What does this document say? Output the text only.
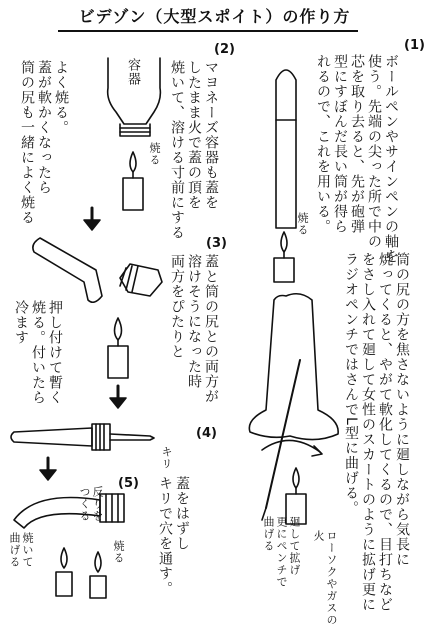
ビデゾン（大型スポイト）の作り方
(1)
ボールペンやサインペンの軸を
使う。先端の尖った所で中の
芯を取り去ると、先が砲弾
型にすぼんだ長い筒が得ら
れるので、これを用いる。
(2)
マヨネーズ容器も蓋を
したまま火で蓋の頂を
焼いて、溶ける寸前にする
容器
よく焼る。
蓋が軟かくなったら
筒の尻も一緒によく焼る	焼る
(3)
蓋と筒の尻との両方が
溶けそうになった時
両方をぴたりと
押し付けて暫く
焼る。付いたら
冷ます
(4)
キリ
蓋をはずし
キリで穴を通す。
(5)
反りを
つくる
焼る
焼いて
曲げる
焼る
筒の尻の方を焦さないように廻しながら気長に
焼ってくると、やがて軟化してくるので、目打ちなど
をさし入れて廻して女性のスカートのように拡げ更に
ラジオペンチではさんでL型に曲げる。
廻して拡げ
更にペンチで
曲げる	ローソクやガスの
火
